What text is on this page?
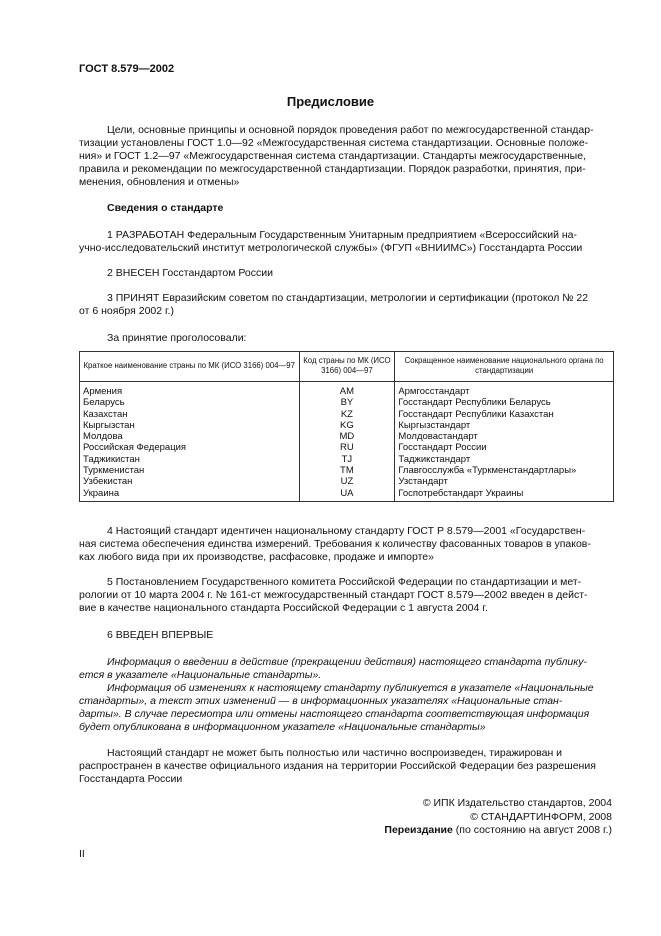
ГОСТ 8.579—2002
Предисловие

Цели, основные принципы и основной порядок проведения работ по межгосударственной стандар-

тизации установлены ГОСТ 1.0—92 «Межгосударственная система стандартизации. Основные положе-

ния» и ГОСТ 1.2—97 «Межгосударственная система стандартизации. Стандарты межгосударственные,

правила и рекомендации по межгосударственной стандартизации. Порядок разработки, принятия, при-

менения, обновления и отмены»

Сведения о стандарте

1 РАЗРАБОТАН Федеральным Государственным Унитарным предприятием «Всероссийский на-

учно-исследовательский институт метрологической службы» (ФГУП «ВНИИМС») Госстандарта России

2 ВНЕСЕН Госстандартом России

3 ПРИНЯТ Евразийским советом по стандартизации, метрологии и сертификации (протокол № 22

от 6 ноября 2002 г.)

За принятие проголосовали:

Краткое наименование страны по МК (ИСО 3166) 004—97	Код страны по МК (ИСО 3166) 004—97	Сокращенное наименование национального органа по стандартизации
Армения	AM	Армгосстандарт
Беларусь	BY	Госстандарт Республики Беларусь
Казахстан	KZ	Госстандарт Республики Казахстан
Кыргызстан	KG	Кыргызстандарт
Молдова	MD	Молдовастандарт
Российская Федерация	RU	Госстандарт России
Таджикистан	TJ	Таджикстандарт
Туркменистан	TM	Главгосслужба «Туркменстандартлары»
Узбекистан	UZ	Узстандарт
Украина	UA	Госпотребстандарт Украины

4 Настоящий стандарт идентичен национальному стандарту ГОСТ Р 8.579—2001 «Государствен-

ная система обеспечения единства измерений. Требования к количеству фасованных товаров в упаков-

ках любого вида при их производстве, расфасовке, продаже и импорте»

5 Постановлением Государственного комитета Российской Федерации по стандартизации и мет-

рологии от 10 марта 2004 г. № 161-ст межгосударственный стандарт ГОСТ 8.579—2002 введен в дейст-

вие в качестве национального стандарта Российской Федерации с 1 августа 2004 г.

6 ВВЕДЕН ВПЕРВЫЕ

Информация о введении в действие (прекращении действия) настоящего стандарта публику-

ется в указателе «Национальные стандарты».

Информация об изменениях к настоящему стандарту публикуется в указателе «Национальные

стандарты», а текст этих изменений — в информационных указателях «Национальные стан-

дарты». В случае пересмотра или отмены настоящего стандарта соответствующая информация

будет опубликована в информационном указателе «Национальные стандарты»

Настоящий стандарт не может быть полностью или частично воспроизведен, тиражирован и

распространен в качестве официального издания на территории Российской Федерации без разрешения

Госстандарта России

© ИПК Издательство стандартов, 2004
© СТАНДАРТИНФОРМ, 2008
Переиздание (по состоянию на август 2008 г.)
II
